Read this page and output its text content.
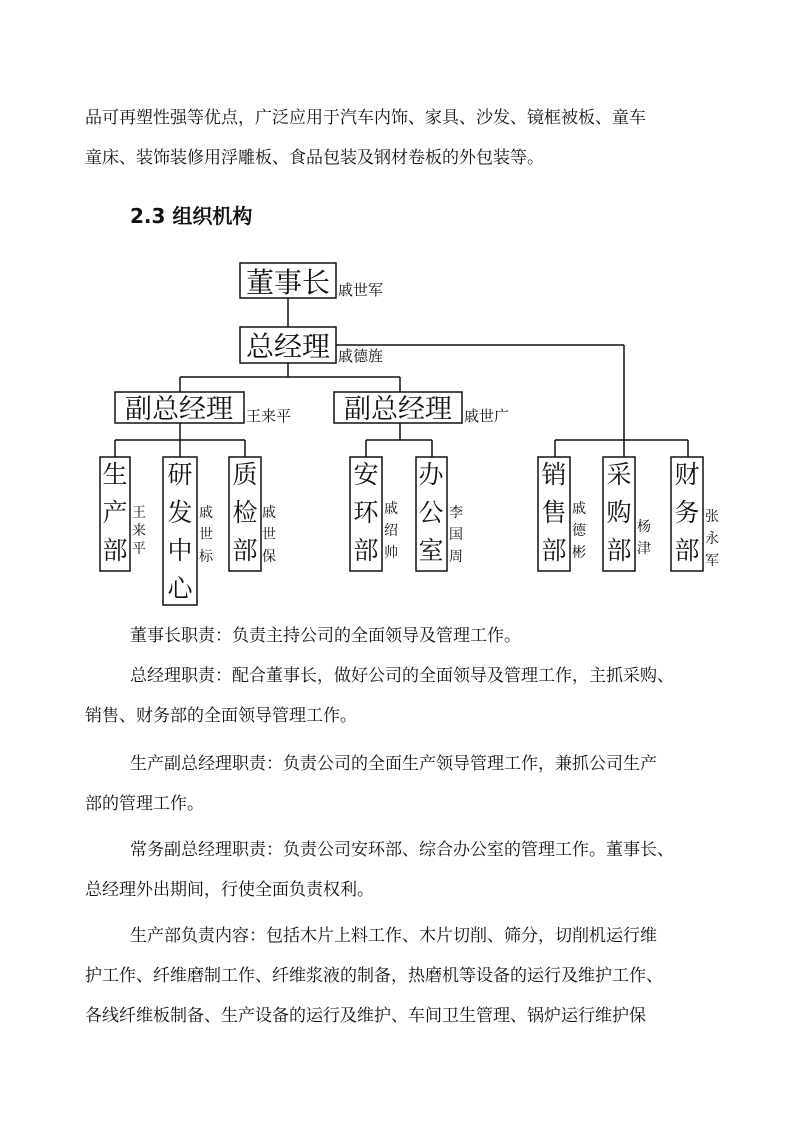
品可再塑性强等优点，广泛应用于汽车内饰、家具、沙发、镜框被板、童车

童床、装饰装修用浮雕板、食品包装及钢材卷板的外包装等。

2.3 组织机构
董事长 戚世军
总经理 戚德旌
副总经理 王来平 副总经理 戚世广
生
产
部
王
来
平
研
发
中
心
戚
世
标
质
检
部
戚
世
保
安
环
部
戚
绍
帅
办
公
室
李
国
周
销
售
部
戚
德
彬
采
购
部
杨
津
财
务
部
张
永
军

董事长职责：负责主持公司的全面领导及管理工作。

总经理职责：配合董事长，做好公司的全面领导及管理工作，主抓采购、

销售、财务部的全面领导管理工作。

生产副总经理职责：负责公司的全面生产领导管理工作，兼抓公司生产

部的管理工作。

常务副总经理职责：负责公司安环部、综合办公室的管理工作。董事长、

总经理外出期间，行使全面负责权利。

生产部负责内容：包括木片上料工作、木片切削、筛分，切削机运行维

护工作、纤维磨制工作、纤维浆液的制备，热磨机等设备的运行及维护工作、

各线纤维板制备、生产设备的运行及维护、车间卫生管理、锅炉运行维护保
